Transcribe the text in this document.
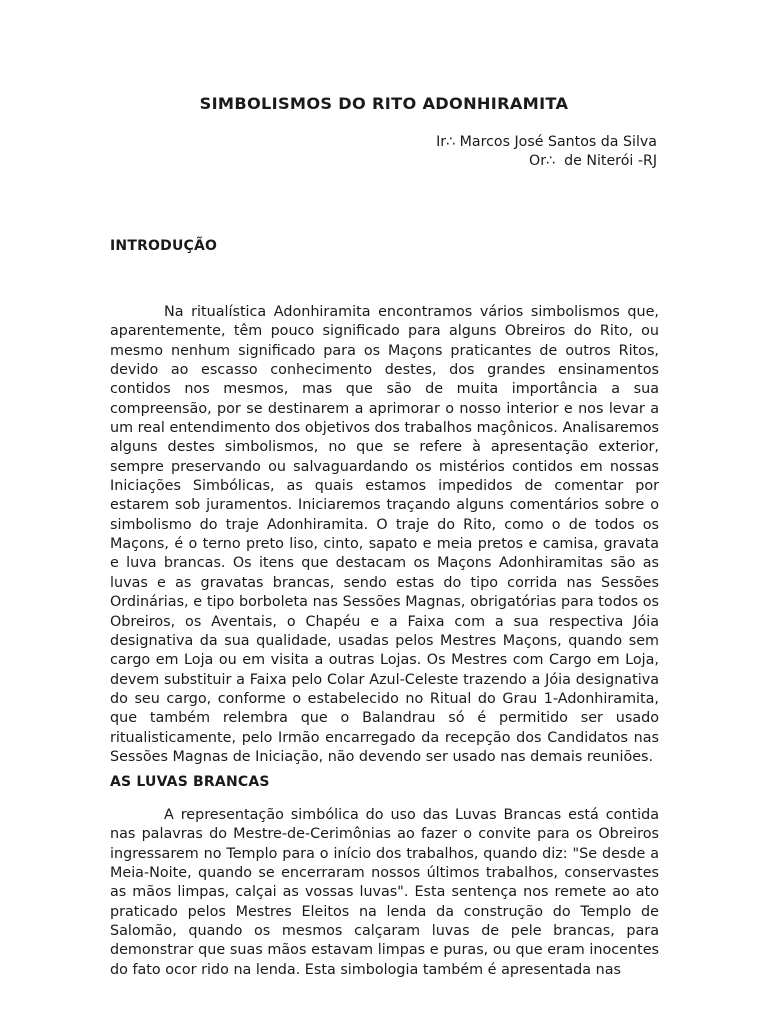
SIMBOLISMOS DO RITO ADONHIRAMITA
Ir∴ Marcos José Santos da Silva
Or∴  de Niterói -RJ
INTRODUÇÃO

Na ritualística Adonhiramita encontramos vários simbolismos que, aparentemente, têm pouco significado para alguns Obreiros do Rito, ou mesmo nenhum significado para os Maçons praticantes de outros Ritos, devido ao escasso conhecimento destes, dos grandes ensinamentos contidos nos mesmos, mas que são de muita importância a sua compreensão, por se destinarem a aprimorar o nosso interior e nos levar a um real entendimento dos objetivos dos trabalhos maçônicos. Analisaremos alguns destes simbolismos, no que se refere à apresentação exterior, sempre preservando ou salvaguardando os mistérios contidos em nossas Iniciações Simbólicas, as quais estamos impedidos de comentar por estarem sob juramentos. Iniciaremos traçando alguns comentários sobre o simbolismo do traje Adonhiramita. O traje do Rito, como o de todos os Maçons, é o terno preto liso, cinto, sapato e meia pretos e camisa, gravata e luva brancas. Os itens que destacam os Maçons Adonhiramitas são as luvas e as gravatas brancas, sendo estas do tipo corrida nas Sessões Ordinárias, e tipo borboleta nas Sessões Magnas, obrigatórias para todos os Obreiros, os Aventais, o Chapéu e a Faixa com a sua respectiva Jóia designativa da sua qualidade, usadas pelos Mestres Maçons, quando sem cargo em Loja ou em visita a outras Lojas. Os Mestres com Cargo em Loja, devem substituir a Faixa pelo Colar Azul-Celeste trazendo a Jóia designativa do seu cargo, conforme o estabelecido no Ritual do Grau 1-Adonhiramita, que também relembra que o Balandrau só é permitido ser usado ritualisticamente, pelo Irmão encarregado da recepção dos Candidatos nas Sessões Magnas de Iniciação, não devendo ser usado nas demais reuniões.

AS LUVAS BRANCAS

A representação simbólica do uso das Luvas Brancas está contida nas palavras do Mestre-de-Cerimônias ao fazer o convite para os Obreiros ingressarem no Templo para o início dos trabalhos, quando diz: "Se desde a Meia-Noite, quando se encerraram nossos últimos trabalhos, conservastes as mãos limpas, calçai as vossas luvas". Esta sentença nos remete ao ato praticado pelos Mestres Eleitos na lenda da construção do Templo de Salomão, quando os mesmos calçaram luvas de pele brancas, para demonstrar que suas mãos estavam limpas e puras, ou que eram inocentes do fato ocor rido na lenda. Esta simbologia também é apresentada nas
